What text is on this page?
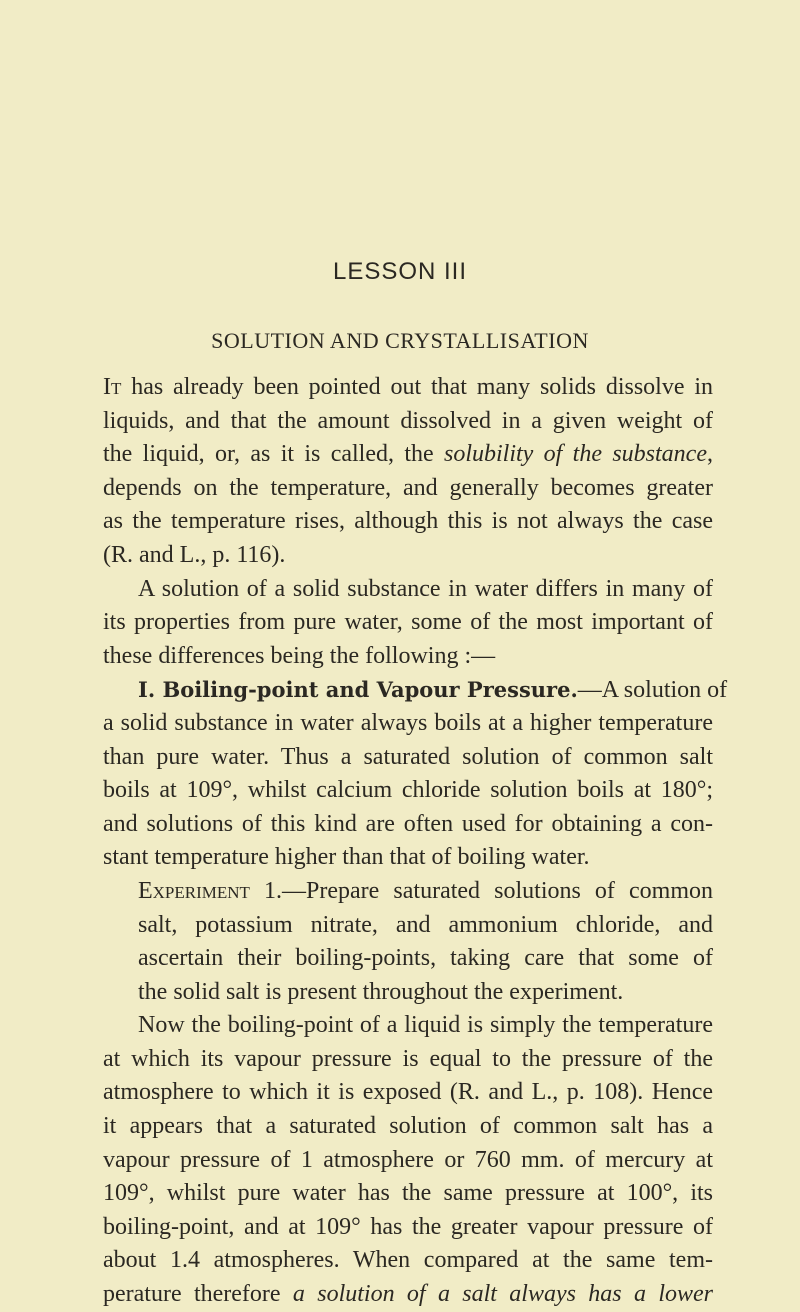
LESSON III
SOLUTION AND CRYSTALLISATION
It has already been pointed out that many solids dissolve in
liquids, and that the amount dissolved in a given weight of
the liquid, or, as it is called, the solubility of the substance,
depends on the temperature, and generally becomes greater
as the temperature rises, although this is not always the case
(R. and L., p. 116).
A solution of a solid substance in water differs in many of
its properties from pure water, some of the most important of
these differences being the following :—
I. Boiling-point and Vapour Pressure.—A solution of
a solid substance in water always boils at a higher temperature
than pure water. Thus a saturated solution of common salt
boils at 109°, whilst calcium chloride solution boils at 180°;
and solutions of this kind are often used for obtaining a con-
stant temperature higher than that of boiling water.
Experiment 1.—Prepare saturated solutions of common
salt, potassium nitrate, and ammonium chloride, and
ascertain their boiling-points, taking care that some of
the solid salt is present throughout the experiment.
Now the boiling-point of a liquid is simply the temperature
at which its vapour pressure is equal to the pressure of the
atmosphere to which it is exposed (R. and L., p. 108). Hence
it appears that a saturated solution of common salt has a
vapour pressure of 1 atmosphere or 760 mm. of mercury at
109°, whilst pure water has the same pressure at 100°, its
boiling-point, and at 109° has the greater vapour pressure of
about 1.4 atmospheres. When compared at the same tem-
perature therefore a solution of a salt always has a lower
